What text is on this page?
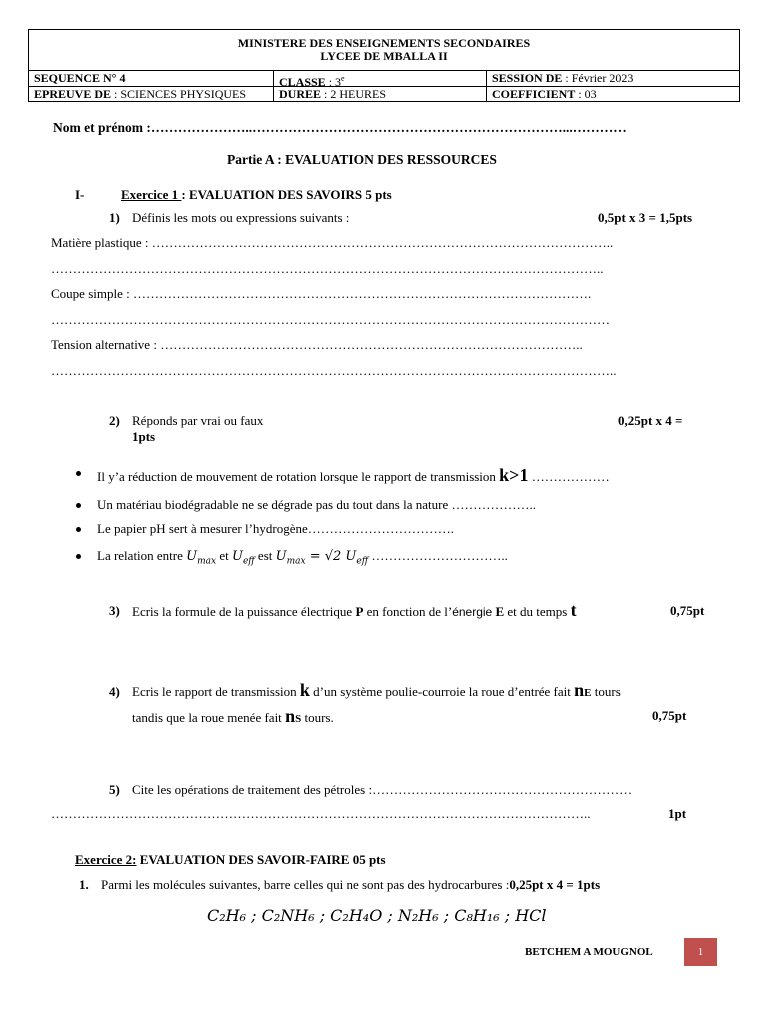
MINISTERE DES ENSEIGNEMENTS SECONDAIRES
LYCEE DE MBALLA II
SEQUENCE N° 4	CLASSE : 3e	SESSION DE : Février 2023
EPREUVE DE : SCIENCES PHYSIQUES	DUREE : 2 HEURES	COEFFICIENT : 03
Nom et prénom :…………………..……………………………………………………………...…………
Partie A : EVALUATION DES RESSOURCES
I-	Exercice 1 : EVALUATION DES SAVOIRS 5 pts
1) Définis les mots ou expressions suivants :	0,5pt x 3 = 1,5pts
Matière plastique : ……………………………………………………………………………………………..
………………………………………………………………………………………………………………..
Coupe simple : …………………………………………………………………………………………….
…………………………………………………………………………………………………………………
Tension alternative : ……………………………………………………………………………………..
…………………………………………………………………………………………………………………..
2) Réponds par vrai ou faux	0,25pt x 4 =
1pts
Il y’a réduction de mouvement de rotation lorsque le rapport de transmission k>1 ………………
Un matériau biodégradable ne se dégrade pas du tout dans la nature ………………..
Le papier pH sert à mesurer l’hydrogène…………………………….
La relation entre $U_{max}$ et $U_{eff}$ est $U_{max} = √2$ $U_{eff}$ …………………………..
3) Ecris la formule de la puissance électrique P en fonction de l’énergie E et du temps t	0,75pt
4) Ecris le rapport de transmission k d’un système poulie-courroie la roue d’entrée fait nE tours
tandis que la roue menée fait nS tours.	0,75pt
5) Cite les opérations de traitement des pétroles :……………………………………………………
……………………………………………………………………………………………………………..	1pt
Exercice 2: EVALUATION DES SAVOIR-FAIRE 05 pts
1. Parmi les molécules suivantes, barre celles qui ne sont pas des hydrocarbures :0,25pt x 4 = 1pts
C₂H₆ ; C₂NH₆ ; C₂H₄O ; N₂H₆ ; C₈H₁₆ ; HCl
BETCHEM A MOUGNOL	1
